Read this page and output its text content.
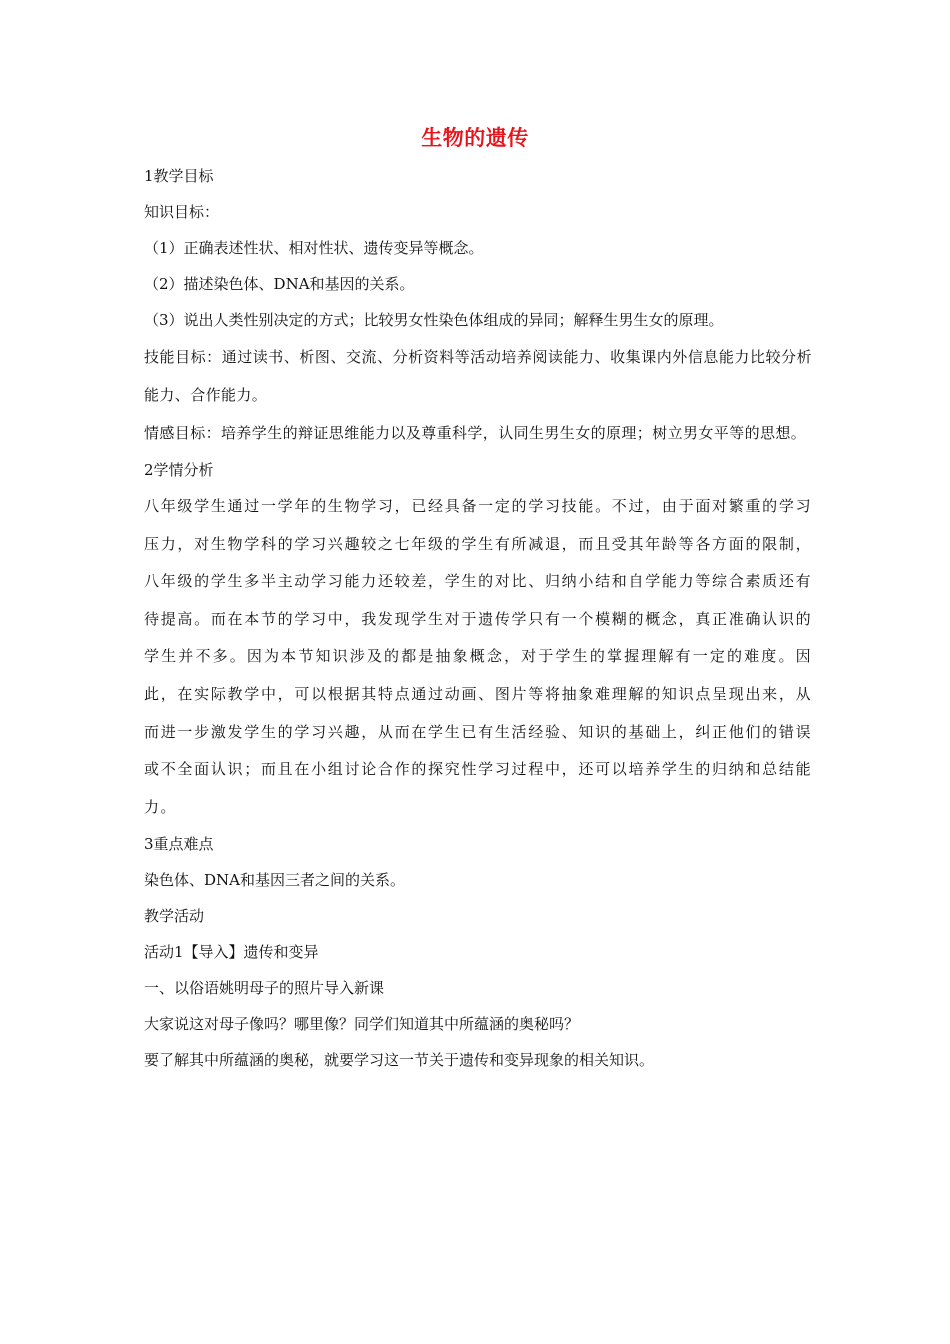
生物的遗传
1教学目标
知识目标：
（1）正确表述性状、相对性状、遗传变异等概念。
（2）描述染色体、DNA和基因的关系。
（3）说出人类性别决定的方式；比较男女性染色体组成的异同；解释生男生女的原理。
技能目标：通过读书、析图、交流、分析资料等活动培养阅读能力、收集课内外信息能力比较分析能力、合作能力。
情感目标：培养学生的辩证思维能力以及尊重科学，认同生男生女的原理；树立男女平等的思想。
2学情分析
八年级学生通过一学年的生物学习，已经具备一定的学习技能。不过，由于面对繁重的学习压力，对生物学科的学习兴趣较之七年级的学生有所减退，而且受其年龄等各方面的限制，八年级的学生多半主动学习能力还较差，学生的对比、归纳小结和自学能力等综合素质还有待提高。而在本节的学习中，我发现学生对于遗传学只有一个模糊的概念，真正准确认识的学生并不多。因为本节知识涉及的都是抽象概念，对于学生的掌握理解有一定的难度。因此，在实际教学中，可以根据其特点通过动画、图片等将抽象难理解的知识点呈现出来，从而进一步激发学生的学习兴趣，从而在学生已有生活经验、知识的基础上，纠正他们的错误或不全面认识；而且在小组讨论合作的探究性学习过程中，还可以培养学生的归纳和总结能力。
3重点难点
染色体、DNA和基因三者之间的关系。
教学活动
活动1【导入】遗传和变异
一、以俗语姚明母子的照片导入新课
大家说这对母子像吗？哪里像？同学们知道其中所蕴涵的奥秘吗？
要了解其中所蕴涵的奥秘，就要学习这一节关于遗传和变异现象的相关知识。
